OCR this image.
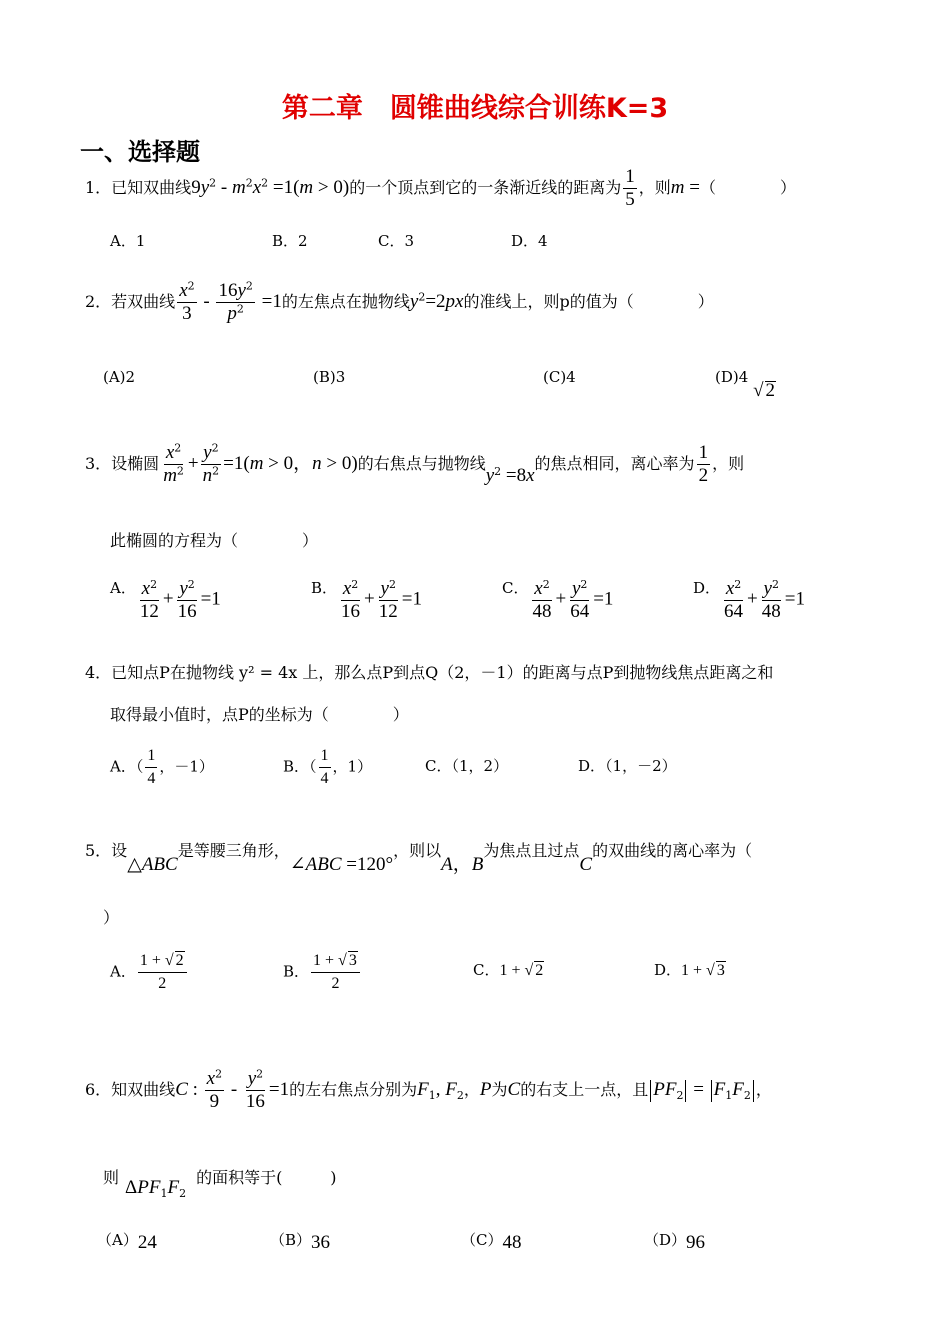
第二章　圆锥曲线综合训练K=3
一、选择题
1．已知双曲线$9y^2 - m^2x^2 =1(m > 0)$的一个顶点到它的一条渐近线的距离为 $\frac{1}{5}$ ，则m =（　　　　）
A．1	B．2	C．3	D．4
2．若双曲线 $\frac{x^2}{3} - \frac{16y^2}{p^2} =1$的左焦点在抛物线$y^2=2px$的准线上，则p的值为（　　　　）
(A)2	(B)3	(C)4	(D)4 √ 2
3．设椭圆 $\frac{x^2}{m^2} + \frac{y^2}{n^2} =1(m > 0$，n > 0)的右焦点与抛物线$y^2 =8x$的焦点相同，离心率为 $\frac{1}{2}$ ，则
此椭圆的方程为（　　　　）
A． $\frac{x^2}{12} + \frac{y^2}{16} =1$
B． $\frac{x^2}{16} + \frac{y^2}{12} =1$
C． $\frac{x^2}{48} + \frac{y^2}{64} =1$
D． $\frac{x^2}{64} + \frac{y^2}{48} =1$
4．已知点P在抛物线 y² = 4x 上，那么点P到点Q（2，－1）的距离与点P到抛物线焦点距离之和
取得最小值时，点P的坐标为（　　　　）
A．（ $\frac{1}{4}$ ，－1）	B．（ $\frac{1}{4}$ ，1）	C．（1，2）	D．（1，－2）
5．设△ABC是等腰三角形，∠ABC =120°，则以A，B为焦点且过点C的双曲线的离心率为（
）
A． $\frac{1 + √ 2}{2}$	B． $\frac{1 + √ 3}{2}$	C．1 + √ 2	D．1 + √ 3
6．知双曲线C : $\frac{x^2}{9} - \frac{y^2}{16} =1$的左右焦点分别为$F_1$, $F_2$，P为C的右支上一点，且 $PF_2 = F_1F_2$ ，
则 $\Delta PF_1F_2$的面积等于(　　　)
（A）24	（B）36	（C）48	（D）96
